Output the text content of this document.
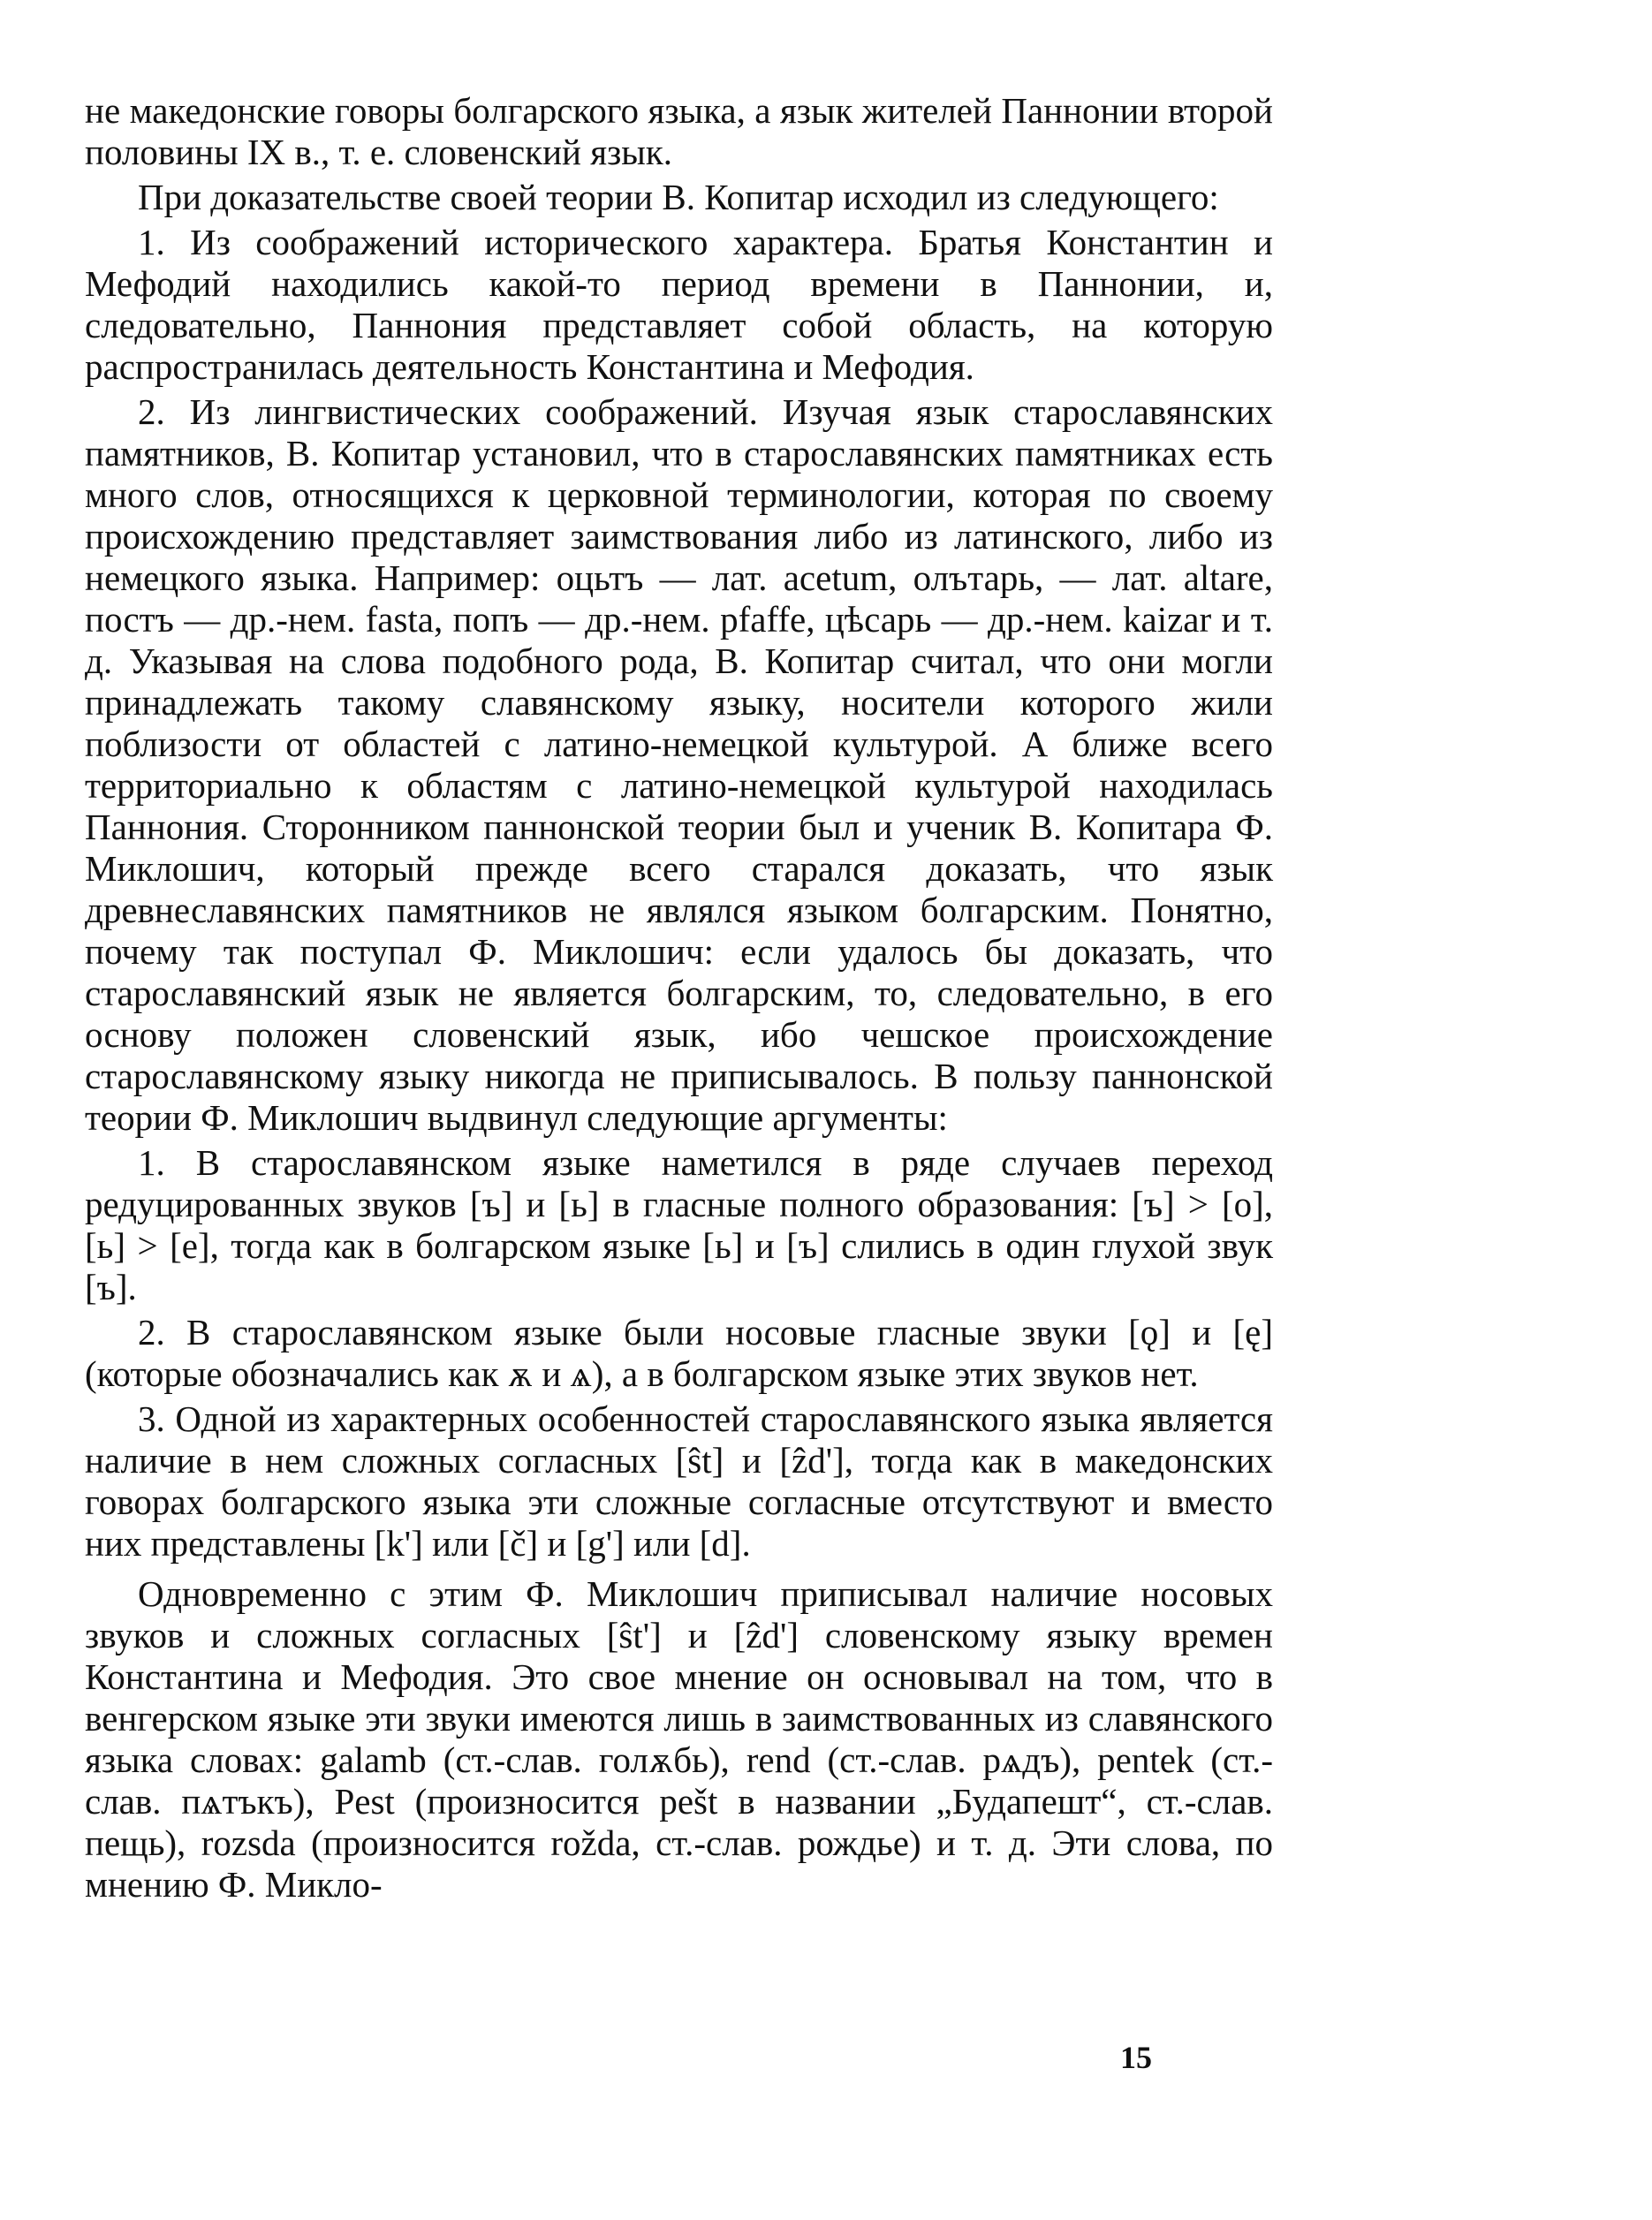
не македонские говоры болгарского языка, а язык жителей Паннонии второй половины IX в., т. е. словенский язык.

При доказательстве своей теории В. Копитар исходил из следующего:

1. Из соображений исторического характера. Братья Константин и Мефодий находились какой-то период времени в Паннонии, и, следовательно, Паннония представляет собой область, на которую распространилась деятельность Константина и Мефодия.

2. Из лингвистических соображений. Изучая язык старославянских памятников, В. Копитар установил, что в старославянских памятниках есть много слов, относящихся к церковной терминологии, которая по своему происхождению представляет заимствования либо из латинского, либо из немецкого языка. Например: оцьтъ — лат. acetum, олътарь, — лат. altare, постъ — др.-нем. fasta, попъ — др.-нем. pfaffe, цѣсарь — др.-нем. kaizar и т. д. Указывая на слова подобного рода, В. Копитар считал, что они могли принадлежать такому славянскому языку, носители которого жили поблизости от областей с латино-немецкой культурой. А ближе всего территориально к областям с латино-немецкой культурой находилась Паннония. Сторонником паннонской теории был и ученик В. Копитара Ф. Миклошич, который прежде всего старался доказать, что язык древнеславянских памятников не являлся языком болгарским. Понятно, почему так поступал Ф. Миклошич: если удалось бы доказать, что старославянский язык не является болгарским, то, следовательно, в его основу положен словенский язык, ибо чешское происхождение старославянскому языку никогда не приписывалось. В пользу паннонской теории Ф. Миклошич выдвинул следующие аргументы:

1. В старославянском языке наметился в ряде случаев переход редуцированных звуков [ъ] и [ь] в гласные полного образования: [ъ] > [о], [ь] > [е], тогда как в болгарском языке [ь] и [ъ] слились в один глухой звук [ъ].

2. В старославянском языке были носовые гласные звуки [ǫ] и [ę] (которые обозначались как ѫ и ѧ), а в болгарском языке этих звуков нет.

3. Одной из характерных особенностей старославянского языка является наличие в нем сложных согласных [ŝt] и [ẑd'], тогда как в македонских говорах болгарского языка эти сложные согласные отсутствуют и вместо них представлены [k'] или [č] и [g'] или [d].

Одновременно с этим Ф. Миклошич приписывал наличие носовых звуков и сложных согласных [ŝt'] и [ẑd'] словенскому языку времен Константина и Мефодия. Это свое мнение он основывал на том, что в венгерском языке эти звуки имеются лишь в заимствованных из славянского языка словах: galamb (ст.-слав. голѫбь), rend (ст.-слав. рѧдъ), pentek (ст.-слав. пѧтъкъ), Pest (произносится pešt в названии „Будапешт“, ст.-слав. пещь), rozsda (произносится rožda, ст.-слав. рождье) и т. д. Эти слова, по мнению Ф. Микло-

15
